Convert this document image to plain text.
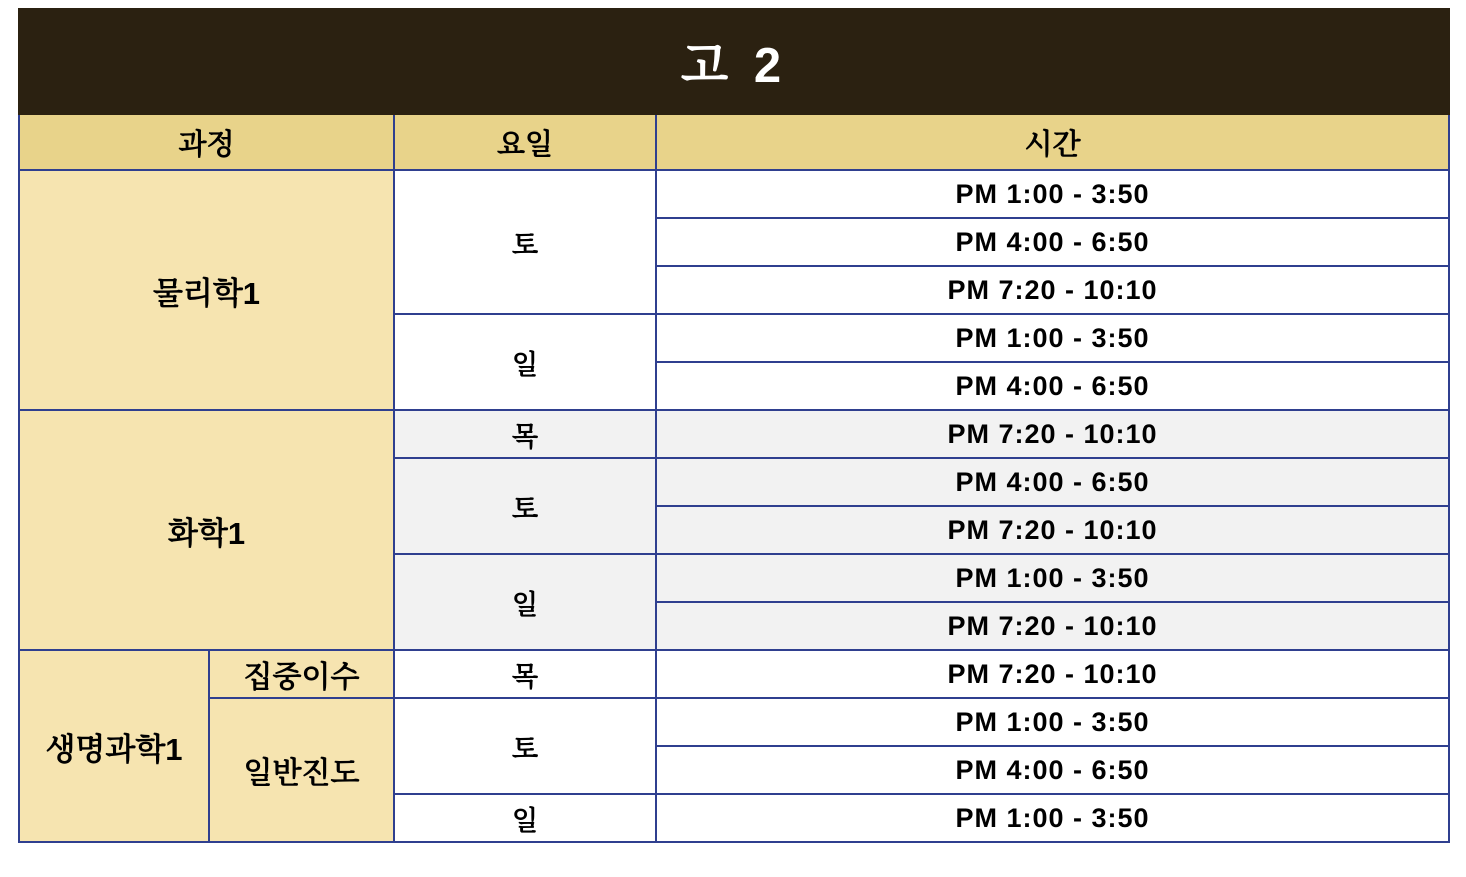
고 2			
과정		요일	시간
물리학1		토	PM 1:00 - 3:50
			PM 4:00 - 6:50
			PM 7:20 - 10:10
		일	PM 1:00 - 3:50
			PM 4:00 - 6:50
화학1		목	PM 7:20 - 10:10
		토	PM 4:00 - 6:50
			PM 7:20 - 10:10
		일	PM 1:00 - 3:50
			PM 7:20 - 10:10
생명과학1	집중이수	목	PM 7:20 - 10:10
	일반진도	토	PM 1:00 - 3:50
			PM 4:00 - 6:50
		일	PM 1:00 - 3:50
